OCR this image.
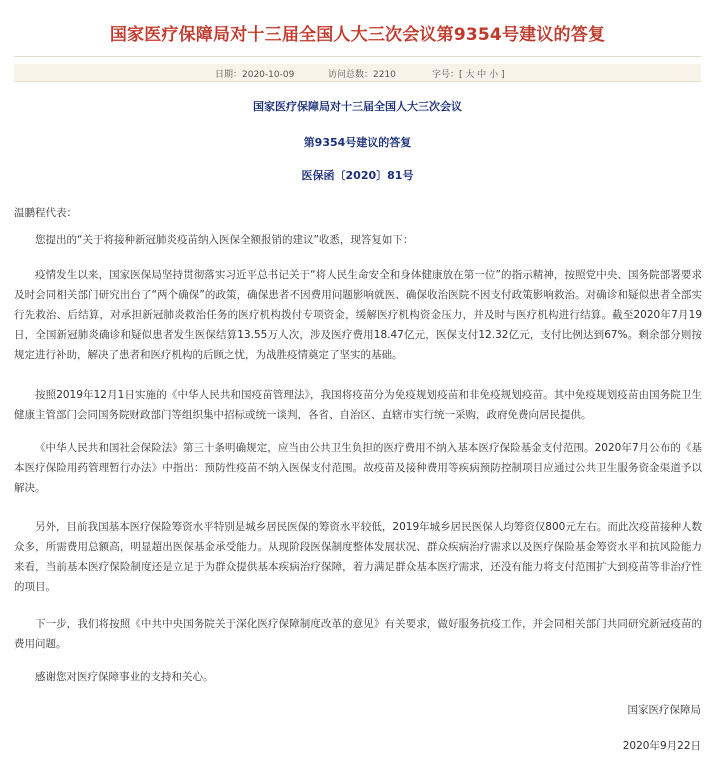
国家医疗保障局对十三届全国人大三次会议第9354号建议的答复
日期：2020-10-09	访问总数：2210	字号：[ 大 中 小 ]
国家医疗保障局对十三届全国人大三次会议
第9354号建议的答复
医保函〔2020〕81号
温鹏程代表：

您提出的“关于将接种新冠肺炎疫苗纳入医保全额报销的建议”收悉，现答复如下：

疫情发生以来，国家医保局坚持贯彻落实习近平总书记关于“将人民生命安全和身体健康放在第一位”的指示精神，按照党中央、国务院部署要求及时会同相关部门研究出台了“两个确保”的政策，确保患者不因费用问题影响就医、确保收治医院不因支付政策影响救治。对确诊和疑似患者全部实行先救治、后结算，对承担新冠肺炎救治任务的医疗机构拨付专项资金，缓解医疗机构资金压力，并及时与医疗机构进行结算。截至2020年7月19日，全国新冠肺炎确诊和疑似患者发生医保结算13.55万人次，涉及医疗费用18.47亿元，医保支付12.32亿元，支付比例达到67%。剩余部分则按规定进行补助，解决了患者和医疗机构的后顾之忧，为战胜疫情奠定了坚实的基础。

按照2019年12月1日实施的《中华人民共和国疫苗管理法》，我国将疫苗分为免疫规划疫苗和非免疫规划疫苗。其中免疫规划疫苗由国务院卫生健康主管部门会同国务院财政部门等组织集中招标或统一谈判，各省、自治区、直辖市实行统一采购，政府免费向居民提供。

《中华人民共和国社会保险法》第三十条明确规定，应当由公共卫生负担的医疗费用不纳入基本医疗保险基金支付范围。2020年7月公布的《基本医疗保险用药管理暂行办法》中指出：预防性疫苗不纳入医保支付范围。故疫苗及接种费用等疾病预防控制项目应通过公共卫生服务资金渠道予以解决。

另外，目前我国基本医疗保险筹资水平特别是城乡居民医保的筹资水平较低，2019年城乡居民医保人均筹资仅800元左右。而此次疫苗接种人数众多，所需费用总额高，明显超出医保基金承受能力。从现阶段医保制度整体发展状况、群众疾病治疗需求以及医疗保险基金筹资水平和抗风险能力来看，当前基本医疗保险制度还是立足于为群众提供基本疾病治疗保障，着力满足群众基本医疗需求，还没有能力将支付范围扩大到疫苗等非治疗性的项目。

下一步，我们将按照《中共中央国务院关于深化医疗保障制度改革的意见》有关要求，做好服务抗疫工作，并会同相关部门共同研究新冠疫苗的费用问题。

感谢您对医疗保障事业的支持和关心。

国家医疗保障局
2020年9月22日
